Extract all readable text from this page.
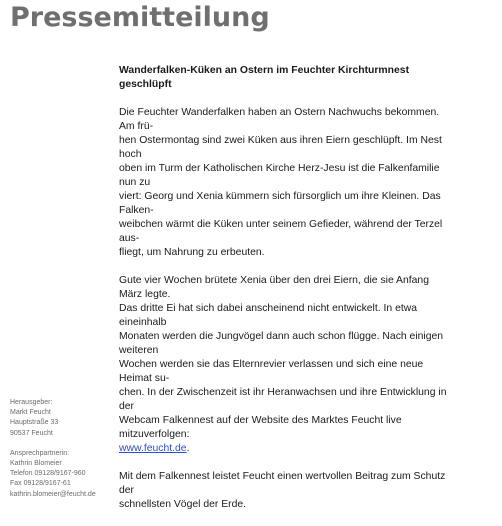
Pressemitteilung
Wanderfalken-Küken an Ostern im Feuchter Kirchturmnest geschlüpft
Die Feuchter Wanderfalken haben an Ostern Nachwuchs bekommen. Am frü-
hen Ostermontag sind zwei Küken aus ihren Eiern geschlüpft. Im Nest hoch
oben im Turm der Katholischen Kirche Herz-Jesu ist die Falkenfamilie nun zu
viert: Georg und Xenia kümmern sich fürsorglich um ihre Kleinen. Das Falken-
weibchen wärmt die Küken unter seinem Gefieder, während der Terzel aus-
fliegt, um Nahrung zu erbeuten.
Gute vier Wochen brütete Xenia über den drei Eiern, die sie Anfang März legte.
Das dritte Ei hat sich dabei anscheinend nicht entwickelt. In etwa eineinhalb
Monaten werden die Jungvögel dann auch schon flügge. Nach einigen weiteren
Wochen werden sie das Elternrevier verlassen und sich eine neue Heimat su-
chen. In der Zwischenzeit ist ihr Heranwachsen und ihre Entwicklung in der
Webcam Falkennest auf der Website des Marktes Feucht live mitzuverfolgen:
www.feucht.de.
Mit dem Falkennest leistet Feucht einen wertvollen Beitrag zum Schutz der
schnellsten Vögel der Erde.
Herausgeber:
Markt Feucht
Hauptstraße 33
90537 Feucht
Ansprechpartnerin:
Kathrin Blomeier
Telefon 09128/9167-960
Fax 09128/9167-61
kathrin.blomeier@feucht.de
